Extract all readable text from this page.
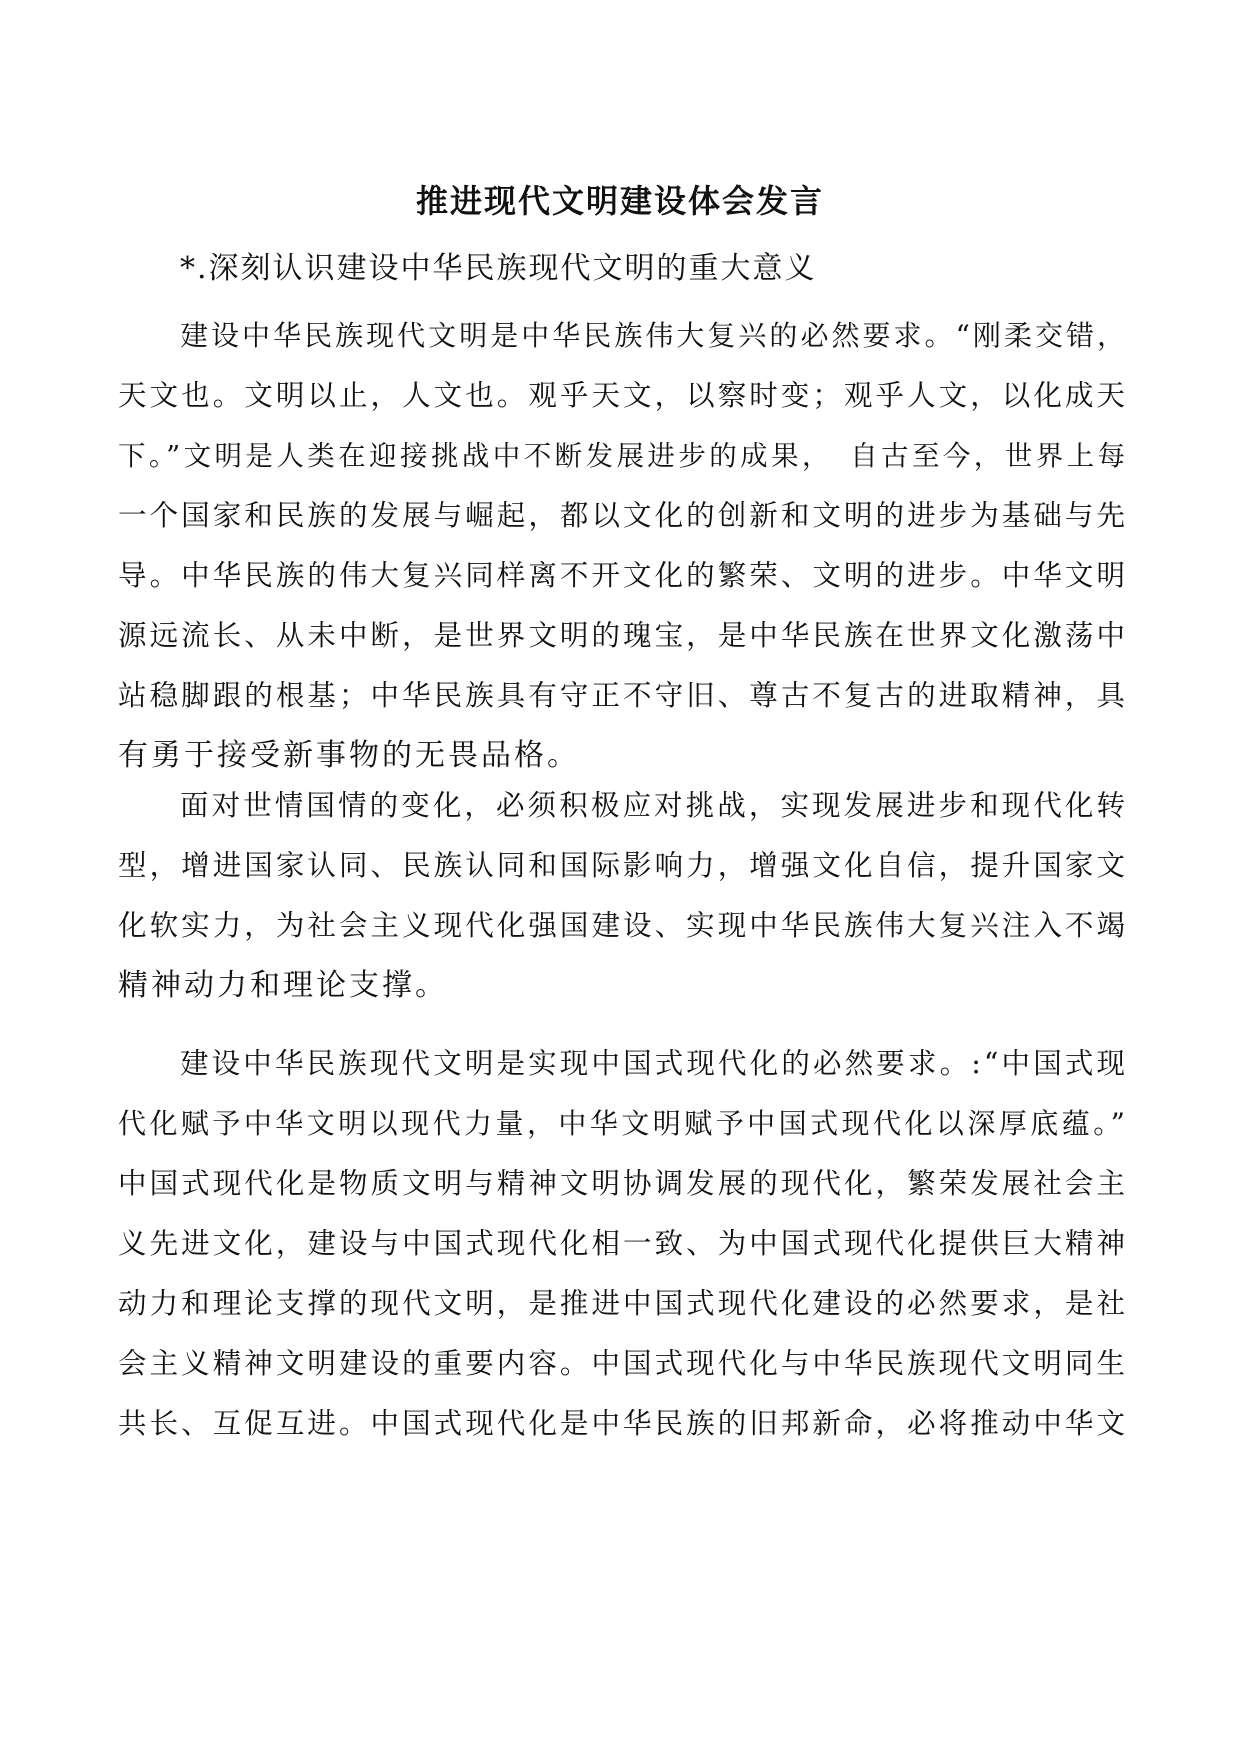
推进现代文明建设体会发言

*.深刻认识建设中华民族现代文明的重大意义

建设中华民族现代文明是中华民族伟大复兴的必然要求。“刚柔交错，
天文也。文明以止，人文也。观乎天文，以察时变；观乎人文，以化成天
下。”文明是人类在迎接挑战中不断发展进步的成果，　自古至今，世界上每
一个国家和民族的发展与崛起，都以文化的创新和文明的进步为基础与先
导。中华民族的伟大复兴同样离不开文化的繁荣、文明的进步。中华文明
源远流长、从未中断，是世界文明的瑰宝，是中华民族在世界文化激荡中
站稳脚跟的根基；中华民族具有守正不守旧、尊古不复古的进取精神，具
有勇于接受新事物的无畏品格。
面对世情国情的变化，必须积极应对挑战，实现发展进步和现代化转
型，增进国家认同、民族认同和国际影响力，增强文化自信，提升国家文
化软实力，为社会主义现代化强国建设、实现中华民族伟大复兴注入不竭
精神动力和理论支撑。
建设中华民族现代文明是实现中国式现代化的必然要求。:“中国式现
代化赋予中华文明以现代力量，中华文明赋予中国式现代化以深厚底蕴。”
中国式现代化是物质文明与精神文明协调发展的现代化，繁荣发展社会主
义先进文化，建设与中国式现代化相一致、为中国式现代化提供巨大精神
动力和理论支撑的现代文明，是推进中国式现代化建设的必然要求，是社
会主义精神文明建设的重要内容。中国式现代化与中华民族现代文明同生
共长、互促互进。中国式现代化是中华民族的旧邦新命，必将推动中华文
